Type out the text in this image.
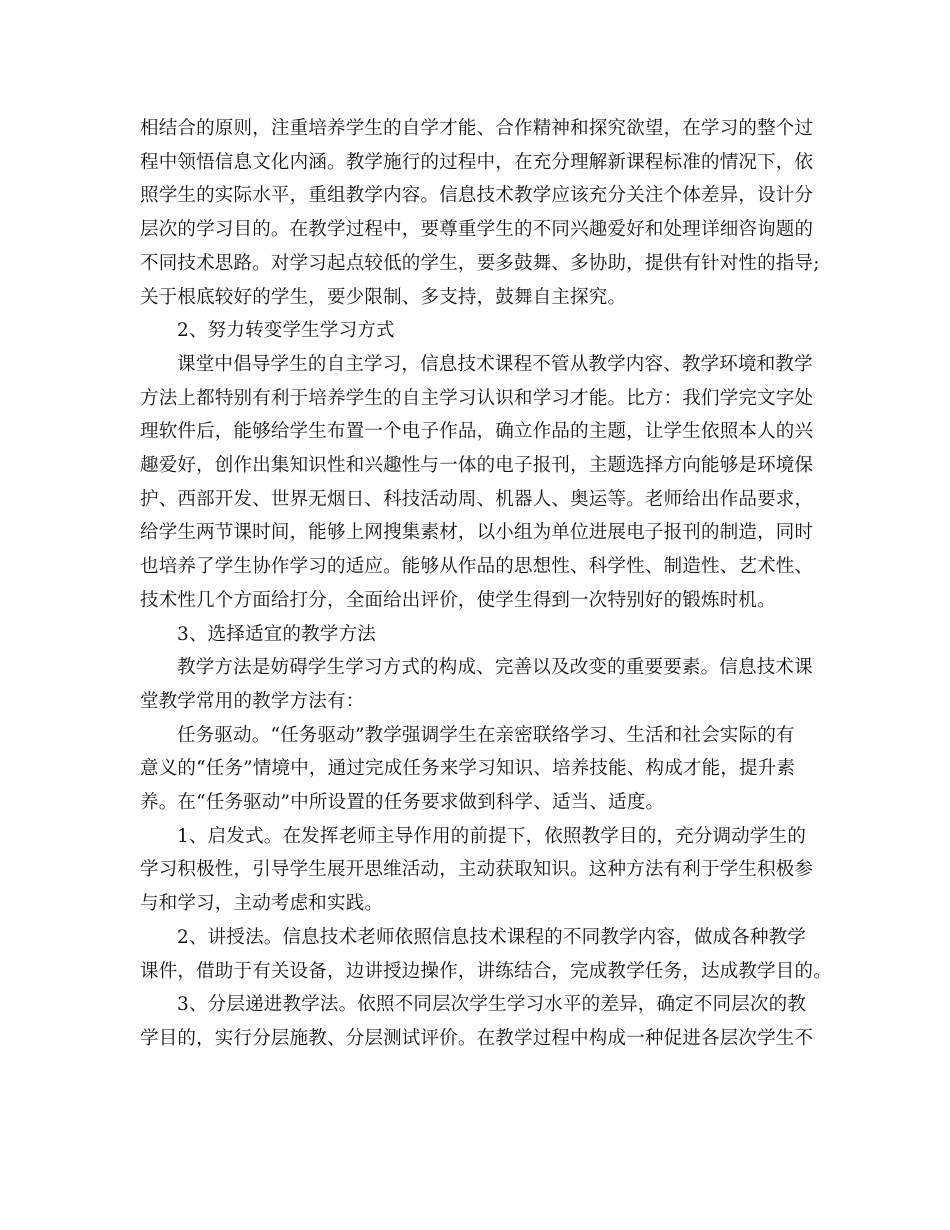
相结合的原则，注重培养学生的自学才能、合作精神和探究欲望，在学习的整个过
程中领悟信息文化内涵。教学施行的过程中，在充分理解新课程标准的情况下，依
照学生的实际水平，重组教学内容。信息技术教学应该充分关注个体差异，设计分
层次的学习目的。在教学过程中，要尊重学生的不同兴趣爱好和处理详细咨询题的
不同技术思路。对学习起点较低的学生，要多鼓舞、多协助，提供有针对性的指导;
关于根底较好的学生，要少限制、多支持，鼓舞自主探究。

2、努力转变学生学习方式

课堂中倡导学生的自主学习，信息技术课程不管从教学内容、教学环境和教学
方法上都特别有利于培养学生的自主学习认识和学习才能。比方：我们学完文字处
理软件后，能够给学生布置一个电子作品，确立作品的主题，让学生依照本人的兴
趣爱好，创作出集知识性和兴趣性与一体的电子报刊，主题选择方向能够是环境保
护、西部开发、世界无烟日、科技活动周、机器人、奥运等。老师给出作品要求，
给学生两节课时间，能够上网搜集素材，以小组为单位进展电子报刊的制造，同时
也培养了学生协作学习的适应。能够从作品的思想性、科学性、制造性、艺术性、
技术性几个方面给打分，全面给出评价，使学生得到一次特别好的锻炼时机。

3、选择适宜的教学方法

教学方法是妨碍学生学习方式的构成、完善以及改变的重要要素。信息技术课
堂教学常用的教学方法有：

任务驱动。“任务驱动”教学强调学生在亲密联络学习、生活和社会实际的有
意义的“任务”情境中，通过完成任务来学习知识、培养技能、构成才能，提升素
养。在“任务驱动”中所设置的任务要求做到科学、适当、适度。

1、启发式。在发挥老师主导作用的前提下，依照教学目的，充分调动学生的
学习积极性，引导学生展开思维活动，主动获取知识。这种方法有利于学生积极参
与和学习，主动考虑和实践。

2、讲授法。信息技术老师依照信息技术课程的不同教学内容，做成各种教学
课件，借助于有关设备，边讲授边操作，讲练结合，完成教学任务，达成教学目的。

3、分层递进教学法。依照不同层次学生学习水平的差异，确定不同层次的教
学目的，实行分层施教、分层测试评价。在教学过程中构成一种促进各层次学生不
